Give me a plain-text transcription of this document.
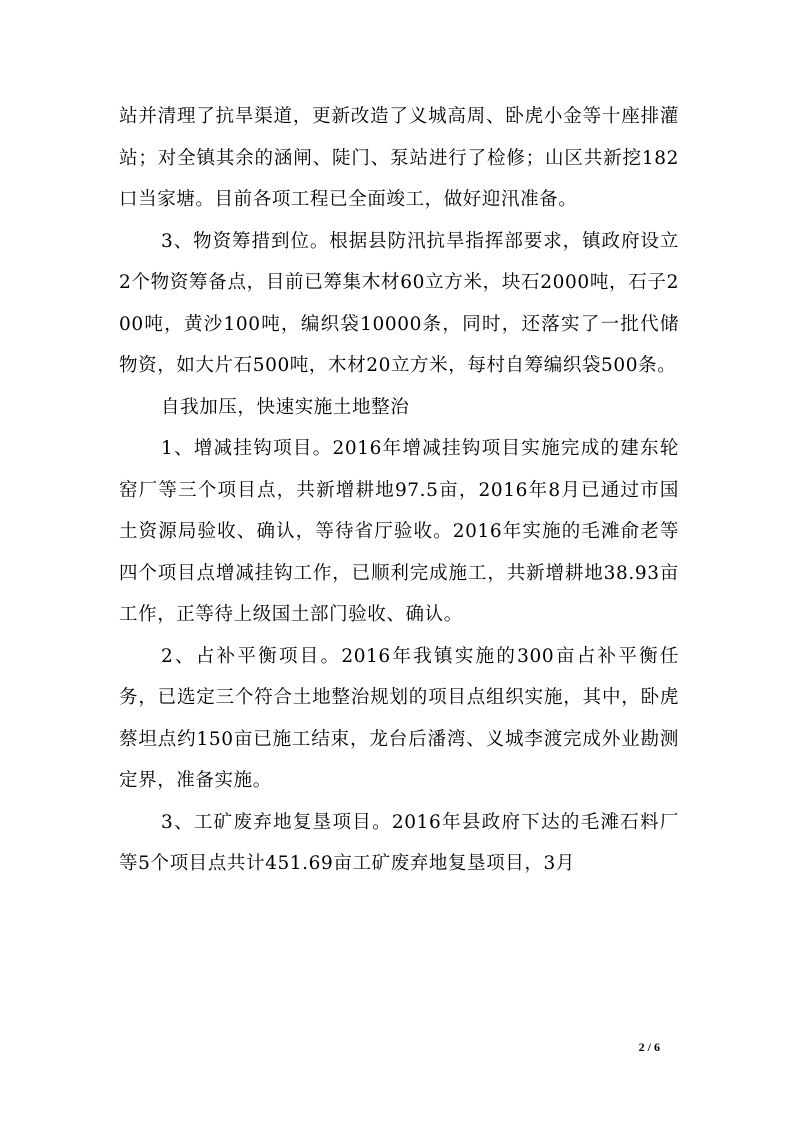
站并清理了抗旱渠道，更新改造了义城高周、卧虎小金等十座排灌站；对全镇其余的涵闸、陡门、泵站进行了检修；山区共新挖182口当家塘。目前各项工程已全面竣工，做好迎汛准备。

3、物资筹措到位。根据县防汛抗旱指挥部要求，镇政府设立2个物资筹备点，目前已筹集木材60立方米，块石2000吨，石子200吨，黄沙100吨，编织袋10000条，同时，还落实了一批代储物资，如大片石500吨，木材20立方米，每村自筹编织袋500条。

自我加压，快速实施土地整治

1、增减挂钩项目。2016年增减挂钩项目实施完成的建东轮窑厂等三个项目点，共新增耕地97.5亩，2016年8月已通过市国土资源局验收、确认，等待省厅验收。2016年实施的毛滩俞老等四个项目点增减挂钩工作，已顺利完成施工，共新增耕地38.93亩工作，正等待上级国土部门验收、确认。

2、占补平衡项目。2016年我镇实施的300亩占补平衡任务，已选定三个符合土地整治规划的项目点组织实施，其中，卧虎蔡坦点约150亩已施工结束，龙台后潘湾、义城李渡完成外业勘测定界，准备实施。

3、工矿废弃地复垦项目。2016年县政府下达的毛滩石料厂等5个项目点共计451.69亩工矿废弃地复垦项目，3月

2 / 6
